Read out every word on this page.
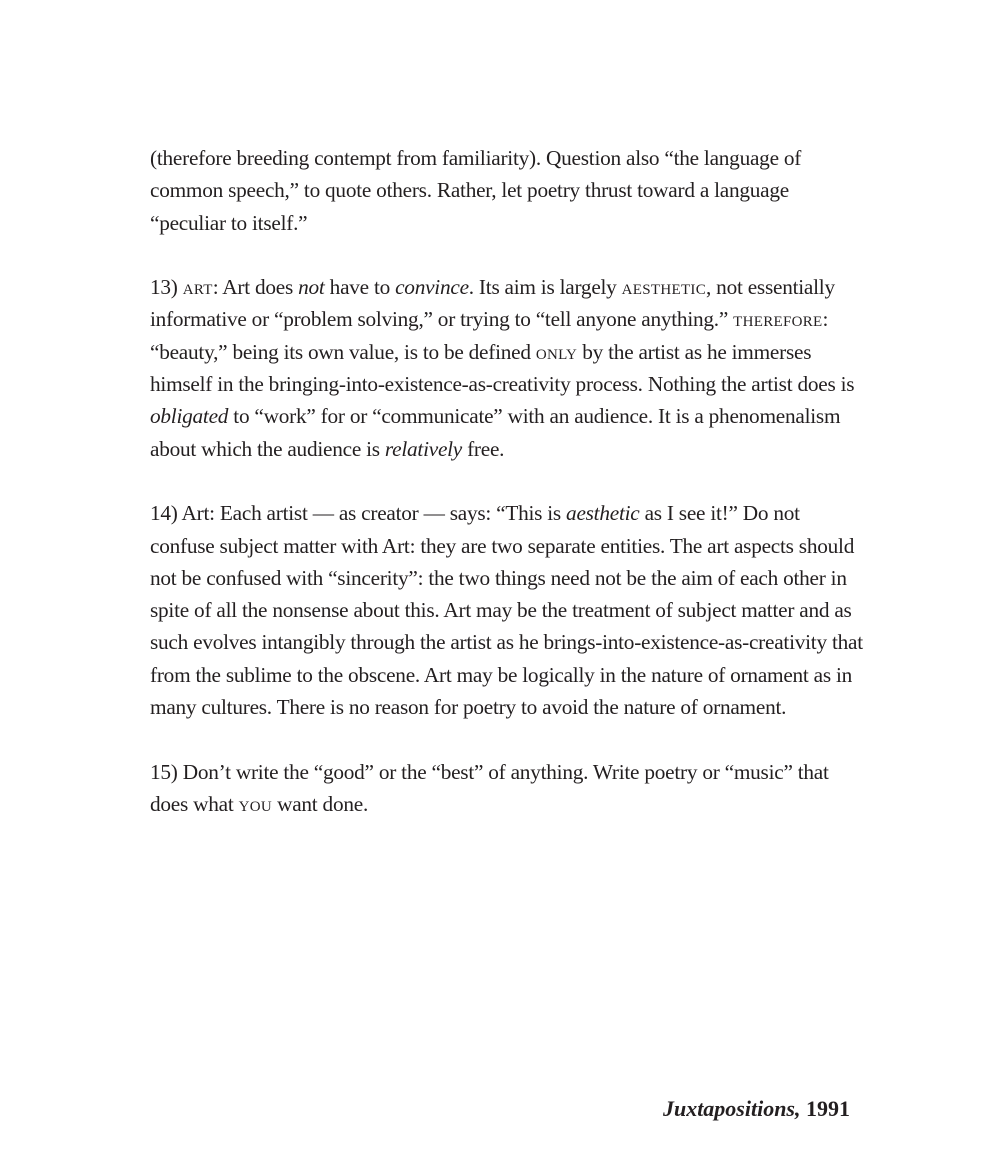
(therefore breeding contempt from familiarity). Question also “the language of common speech,” to quote others. Rather, let poetry thrust toward a language “peculiar to itself.”

13) art: Art does not have to convince. Its aim is largely aesthetic, not essentially informative or “problem solving,” or trying to “tell anyone anything.” therefore: “beauty,” being its own value, is to be defined only by the artist as he immerses himself in the bringing-into-existence-as-creativity process. Nothing the artist does is obligated to “work” for or “communicate” with an audience. It is a phenomenalism about which the audience is relatively free.

14) Art: Each artist — as creator — says: “This is aesthetic as I see it!” Do not confuse subject matter with Art: they are two separate entities. The art aspects should not be confused with “sincerity”: the two things need not be the aim of each other in spite of all the nonsense about this. Art may be the treatment of subject matter and as such evolves intangibly through the artist as he brings-into-existence-as-creativity that from the sublime to the obscene. Art may be logically in the nature of ornament as in many cultures. There is no reason for poetry to avoid the nature of ornament.

15) Don’t write the “good” or the “best” of anything. Write poetry or “music” that does what you want done.

Juxtapositions, 1991
